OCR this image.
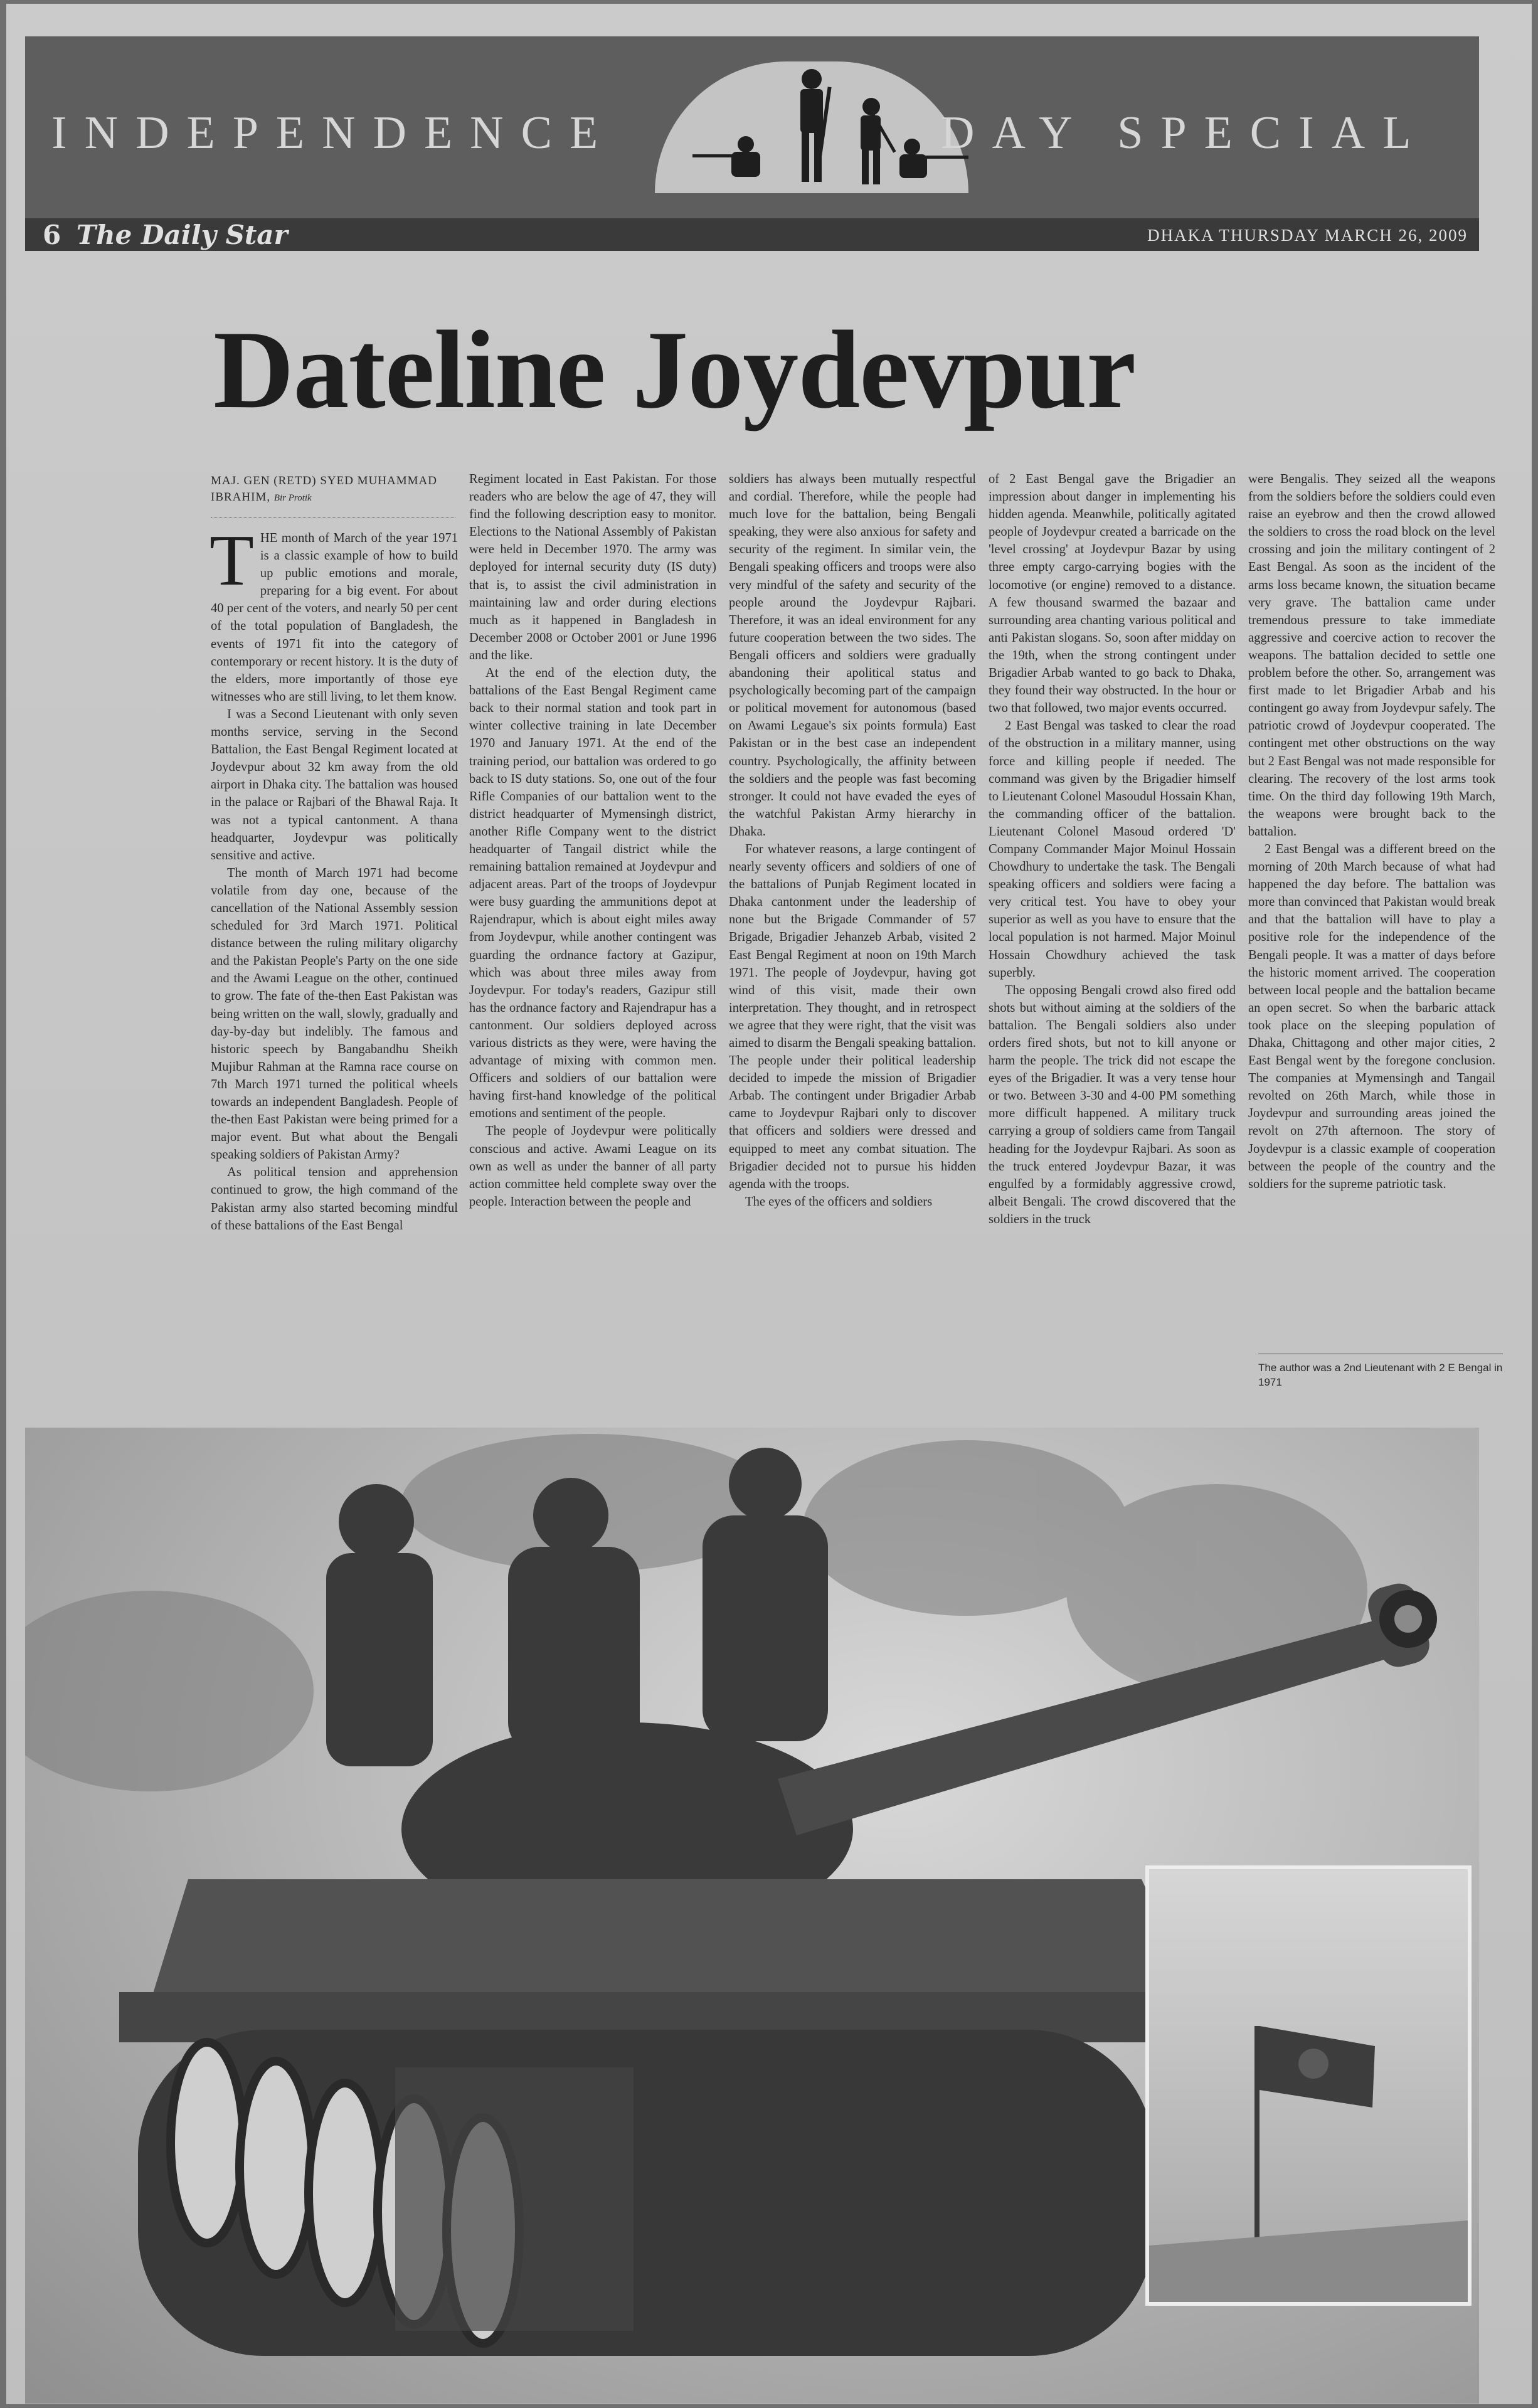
INDEPENDENCE	DAY SPECIAL
6 The Daily Star	DHAKA THURSDAY MARCH 26, 2009
Dateline Joydevpur
MAJ. GEN (RETD) SYED MUHAMMAD IBRAHIM, Bir Protik

THE month of March of the year 1971 is a classic example of how to build up public emotions and morale, preparing for a big event. For about 40 per cent of the voters, and nearly 50 per cent of the total population of Bangladesh, the events of 1971 fit into the category of contemporary or recent history. It is the duty of the elders, more importantly of those eye witnesses who are still living, to let them know.

I was a Second Lieutenant with only seven months service, serving in the Second Battalion, the East Bengal Regiment located at Joydevpur about 32 km away from the old airport in Dhaka city. The battalion was housed in the palace or Rajbari of the Bhawal Raja. It was not a typical cantonment. A thana headquarter, Joydevpur was politically sensitive and active.

The month of March 1971 had become volatile from day one, because of the cancellation of the National Assembly session scheduled for 3rd March 1971. Political distance between the ruling military oligarchy and the Pakistan People's Party on the one side and the Awami League on the other, continued to grow. The fate of the-then East Pakistan was being written on the wall, slowly, gradually and day-by-day but indelibly. The famous and historic speech by Bangabandhu Sheikh Mujibur Rahman at the Ramna race course on 7th March 1971 turned the political wheels towards an independent Bangladesh. People of the-then East Pakistan were being primed for a major event. But what about the Bengali speaking soldiers of Pakistan Army?

As political tension and apprehension continued to grow, the high command of the Pakistan army also started becoming mindful of these battalions of the East Bengal

Regiment located in East Pakistan. For those readers who are below the age of 47, they will find the following description easy to monitor. Elections to the National Assembly of Pakistan were held in December 1970. The army was deployed for internal security duty (IS duty) that is, to assist the civil administration in maintaining law and order during elections much as it happened in Bangladesh in December 2008 or October 2001 or June 1996 and the like.

At the end of the election duty, the battalions of the East Bengal Regiment came back to their normal station and took part in winter collective training in late December 1970 and January 1971. At the end of the training period, our battalion was ordered to go back to IS duty stations. So, one out of the four Rifle Companies of our battalion went to the district headquarter of Mymensingh district, another Rifle Company went to the district headquarter of Tangail district while the remaining battalion remained at Joydevpur and adjacent areas. Part of the troops of Joydevpur were busy guarding the ammunitions depot at Rajendrapur, which is about eight miles away from Joydevpur, while another contingent was guarding the ordnance factory at Gazipur, which was about three miles away from Joydevpur. For today's readers, Gazipur still has the ordnance factory and Rajendrapur has a cantonment. Our soldiers deployed across various districts as they were, were having the advantage of mixing with common men. Officers and soldiers of our battalion were having first-hand knowledge of the political emotions and sentiment of the people.

The people of Joydevpur were politically conscious and active. Awami League on its own as well as under the banner of all party action committee held complete sway over the people. Interaction between the people and

soldiers has always been mutually respectful and cordial. Therefore, while the people had much love for the battalion, being Bengali speaking, they were also anxious for safety and security of the regiment. In similar vein, the Bengali speaking officers and troops were also very mindful of the safety and security of the people around the Joydevpur Rajbari. Therefore, it was an ideal environment for any future cooperation between the two sides. The Bengali officers and soldiers were gradually abandoning their apolitical status and psychologically becoming part of the campaign or political movement for autonomous (based on Awami Legaue's six points formula) East Pakistan or in the best case an independent country. Psychologically, the affinity between the soldiers and the people was fast becoming stronger. It could not have evaded the eyes of the watchful Pakistan Army hierarchy in Dhaka.

For whatever reasons, a large contingent of nearly seventy officers and soldiers of one of the battalions of Punjab Regiment located in Dhaka cantonment under the leadership of none but the Brigade Commander of 57 Brigade, Brigadier Jehanzeb Arbab, visited 2 East Bengal Regiment at noon on 19th March 1971. The people of Joydevpur, having got wind of this visit, made their own interpretation. They thought, and in retrospect we agree that they were right, that the visit was aimed to disarm the Bengali speaking battalion. The people under their political leadership decided to impede the mission of Brigadier Arbab. The contingent under Brigadier Arbab came to Joydevpur Rajbari only to discover that officers and soldiers were dressed and equipped to meet any combat situation. The Brigadier decided not to pursue his hidden agenda with the troops.

The eyes of the officers and soldiers

of 2 East Bengal gave the Brigadier an impression about danger in implementing his hidden agenda. Meanwhile, politically agitated people of Joydevpur created a barricade on the 'level crossing' at Joydevpur Bazar by using three empty cargo-carrying bogies with the locomotive (or engine) removed to a distance. A few thousand swarmed the bazaar and surrounding area chanting various political and anti Pakistan slogans. So, soon after midday on the 19th, when the strong contingent under Brigadier Arbab wanted to go back to Dhaka, they found their way obstructed. In the hour or two that followed, two major events occurred.

2 East Bengal was tasked to clear the road of the obstruction in a military manner, using force and killing people if needed. The command was given by the Brigadier himself to Lieutenant Colonel Masoudul Hossain Khan, the commanding officer of the battalion. Lieutenant Colonel Masoud ordered 'D' Company Commander Major Moinul Hossain Chowdhury to undertake the task. The Bengali speaking officers and soldiers were facing a very critical test. You have to obey your superior as well as you have to ensure that the local population is not harmed. Major Moinul Hossain Chowdhury achieved the task superbly.

The opposing Bengali crowd also fired odd shots but without aiming at the soldiers of the battalion. The Bengali soldiers also under orders fired shots, but not to kill anyone or harm the people. The trick did not escape the eyes of the Brigadier. It was a very tense hour or two. Between 3-30 and 4-00 PM something more difficult happened. A military truck carrying a group of soldiers came from Tangail heading for the Joydevpur Rajbari. As soon as the truck entered Joydevpur Bazar, it was engulfed by a formidably aggressive crowd, albeit Bengali. The crowd discovered that the soldiers in the truck

were Bengalis. They seized all the weapons from the soldiers before the soldiers could even raise an eyebrow and then the crowd allowed the soldiers to cross the road block on the level crossing and join the military contingent of 2 East Bengal. As soon as the incident of the arms loss became known, the situation became very grave. The battalion came under tremendous pressure to take immediate aggressive and coercive action to recover the weapons. The battalion decided to settle one problem before the other. So, arrangement was first made to let Brigadier Arbab and his contingent go away from Joydevpur safely. The patriotic crowd of Joydevpur cooperated. The contingent met other obstructions on the way but 2 East Bengal was not made responsible for clearing. The recovery of the lost arms took time. On the third day following 19th March, the weapons were brought back to the battalion.

2 East Bengal was a different breed on the morning of 20th March because of what had happened the day before. The battalion was more than convinced that Pakistan would break and that the battalion will have to play a positive role for the independence of the Bengali people. It was a matter of days before the historic moment arrived. The cooperation between local people and the battalion became an open secret. So when the barbaric attack took place on the sleeping population of Dhaka, Chittagong and other major cities, 2 East Bengal went by the foregone conclusion. The companies at Mymensingh and Tangail revolted on 26th March, while those in Joydevpur and surrounding areas joined the revolt on 27th afternoon. The story of Joydevpur is a classic example of cooperation between the people of the country and the soldiers for the supreme patriotic task.

The author was a 2nd Lieutenant with 2 E Bengal in 1971
